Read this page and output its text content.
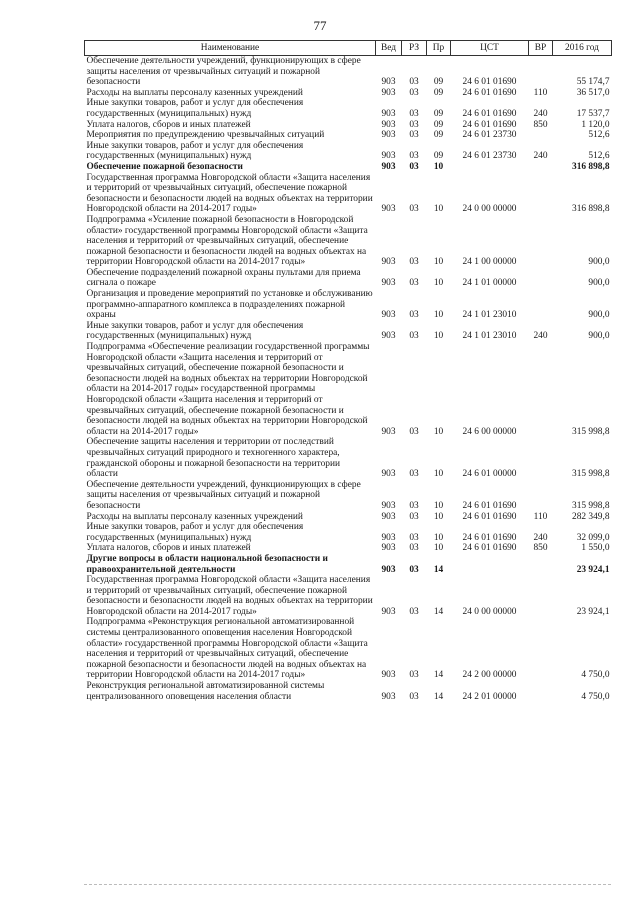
77
Наименование	Вед	РЗ	Пр	ЦСТ	ВР	2016 год
Обеспечение деятельности учреждений, функционирующих в сфере защиты населения от чрезвычайных ситуаций и пожарной безопасности	903	03	09	24 6 01 01690		55 174,7
Расходы на выплаты персоналу казенных учреждений	903	03	09	24 6 01 01690	110	36 517,0
Иные закупки товаров, работ и услуг для обеспечения государственных (муниципальных) нужд	903	03	09	24 6 01 01690	240	17 537,7
Уплата налогов, сборов и иных платежей	903	03	09	24 6 01 01690	850	1 120,0
Мероприятия по предупреждению чрезвычайных ситуаций	903	03	09	24 6 01 23730		512,6
Иные закупки товаров, работ и услуг для обеспечения государственных (муниципальных) нужд	903	03	09	24 6 01 23730	240	512,6
Обеспечение пожарной безопасности	903	03	10			316 898,8
Государственная программа Новгородской области «Защита населения и территорий от чрезвычайных ситуаций, обеспечение пожарной безопасности и безопасности людей на водных объектах на территории Новгородской области на 2014-2017 годы»	903	03	10	24 0 00 00000		316 898,8
Подпрограмма «Усиление пожарной безопасности в Новгородской области» государственной программы Новгородской области «Защита населения и территорий от чрезвычайных ситуаций, обеспечение пожарной безопасности и безопасности людей на водных объектах на территории Новгородской области на 2014-2017 годы»	903	03	10	24 1 00 00000		900,0
Обеспечение подразделений пожарной охраны пультами для приема сигнала о пожаре	903	03	10	24 1 01 00000		900,0
Организация и проведение мероприятий по установке и обслуживанию программно-аппаратного комплекса в подразделениях пожарной охраны	903	03	10	24 1 01 23010		900,0
Иные закупки товаров, работ и услуг для обеспечения государственных (муниципальных) нужд	903	03	10	24 1 01 23010	240	900,0
Подпрограмма «Обеспечение реализации государственной программы Новгородской области «Защита населения и территорий от чрезвычайных ситуаций, обеспечение пожарной безопасности и безопасности людей на водных объектах на территории Новгородской области на 2014-2017 годы» государственной программы Новгородской области «Защита населения и территорий от чрезвычайных ситуаций, обеспечение пожарной безопасности и безопасности людей на водных объектах на территории Новгородской области на 2014-2017 годы»	903	03	10	24 6 00 00000		315 998,8
Обеспечение защиты населения и территории от последствий чрезвычайных ситуаций природного и техногенного характера, гражданской обороны и пожарной безопасности на территории области	903	03	10	24 6 01 00000		315 998,8
Обеспечение деятельности учреждений, функционирующих в сфере защиты населения от чрезвычайных ситуаций и пожарной безопасности	903	03	10	24 6 01 01690		315 998,8
Расходы на выплаты персоналу казенных учреждений	903	03	10	24 6 01 01690	110	282 349,8
Иные закупки товаров, работ и услуг для обеспечения государственных (муниципальных) нужд	903	03	10	24 6 01 01690	240	32 099,0
Уплата налогов, сборов и иных платежей	903	03	10	24 6 01 01690	850	1 550,0
Другие вопросы в области национальной безопасности и правоохранительной деятельности	903	03	14			23 924,1
Государственная программа Новгородской области «Защита населения и территорий от чрезвычайных ситуаций, обеспечение пожарной безопасности и безопасности людей на водных объектах на территории Новгородской области на 2014-2017 годы»	903	03	14	24 0 00 00000		23 924,1
Подпрограмма «Реконструкция региональной автоматизированной системы централизованного оповещения населения Новгородской области» государственной программы Новгородской области «Защита населения и территорий от чрезвычайных ситуаций, обеспечение пожарной безопасности и безопасности людей на водных объектах на территории Новгородской области на 2014-2017 годы»	903	03	14	24 2 00 00000		4 750,0
Реконструкция региональной автоматизированной системы централизованного оповещения населения области	903	03	14	24 2 01 00000		4 750,0
